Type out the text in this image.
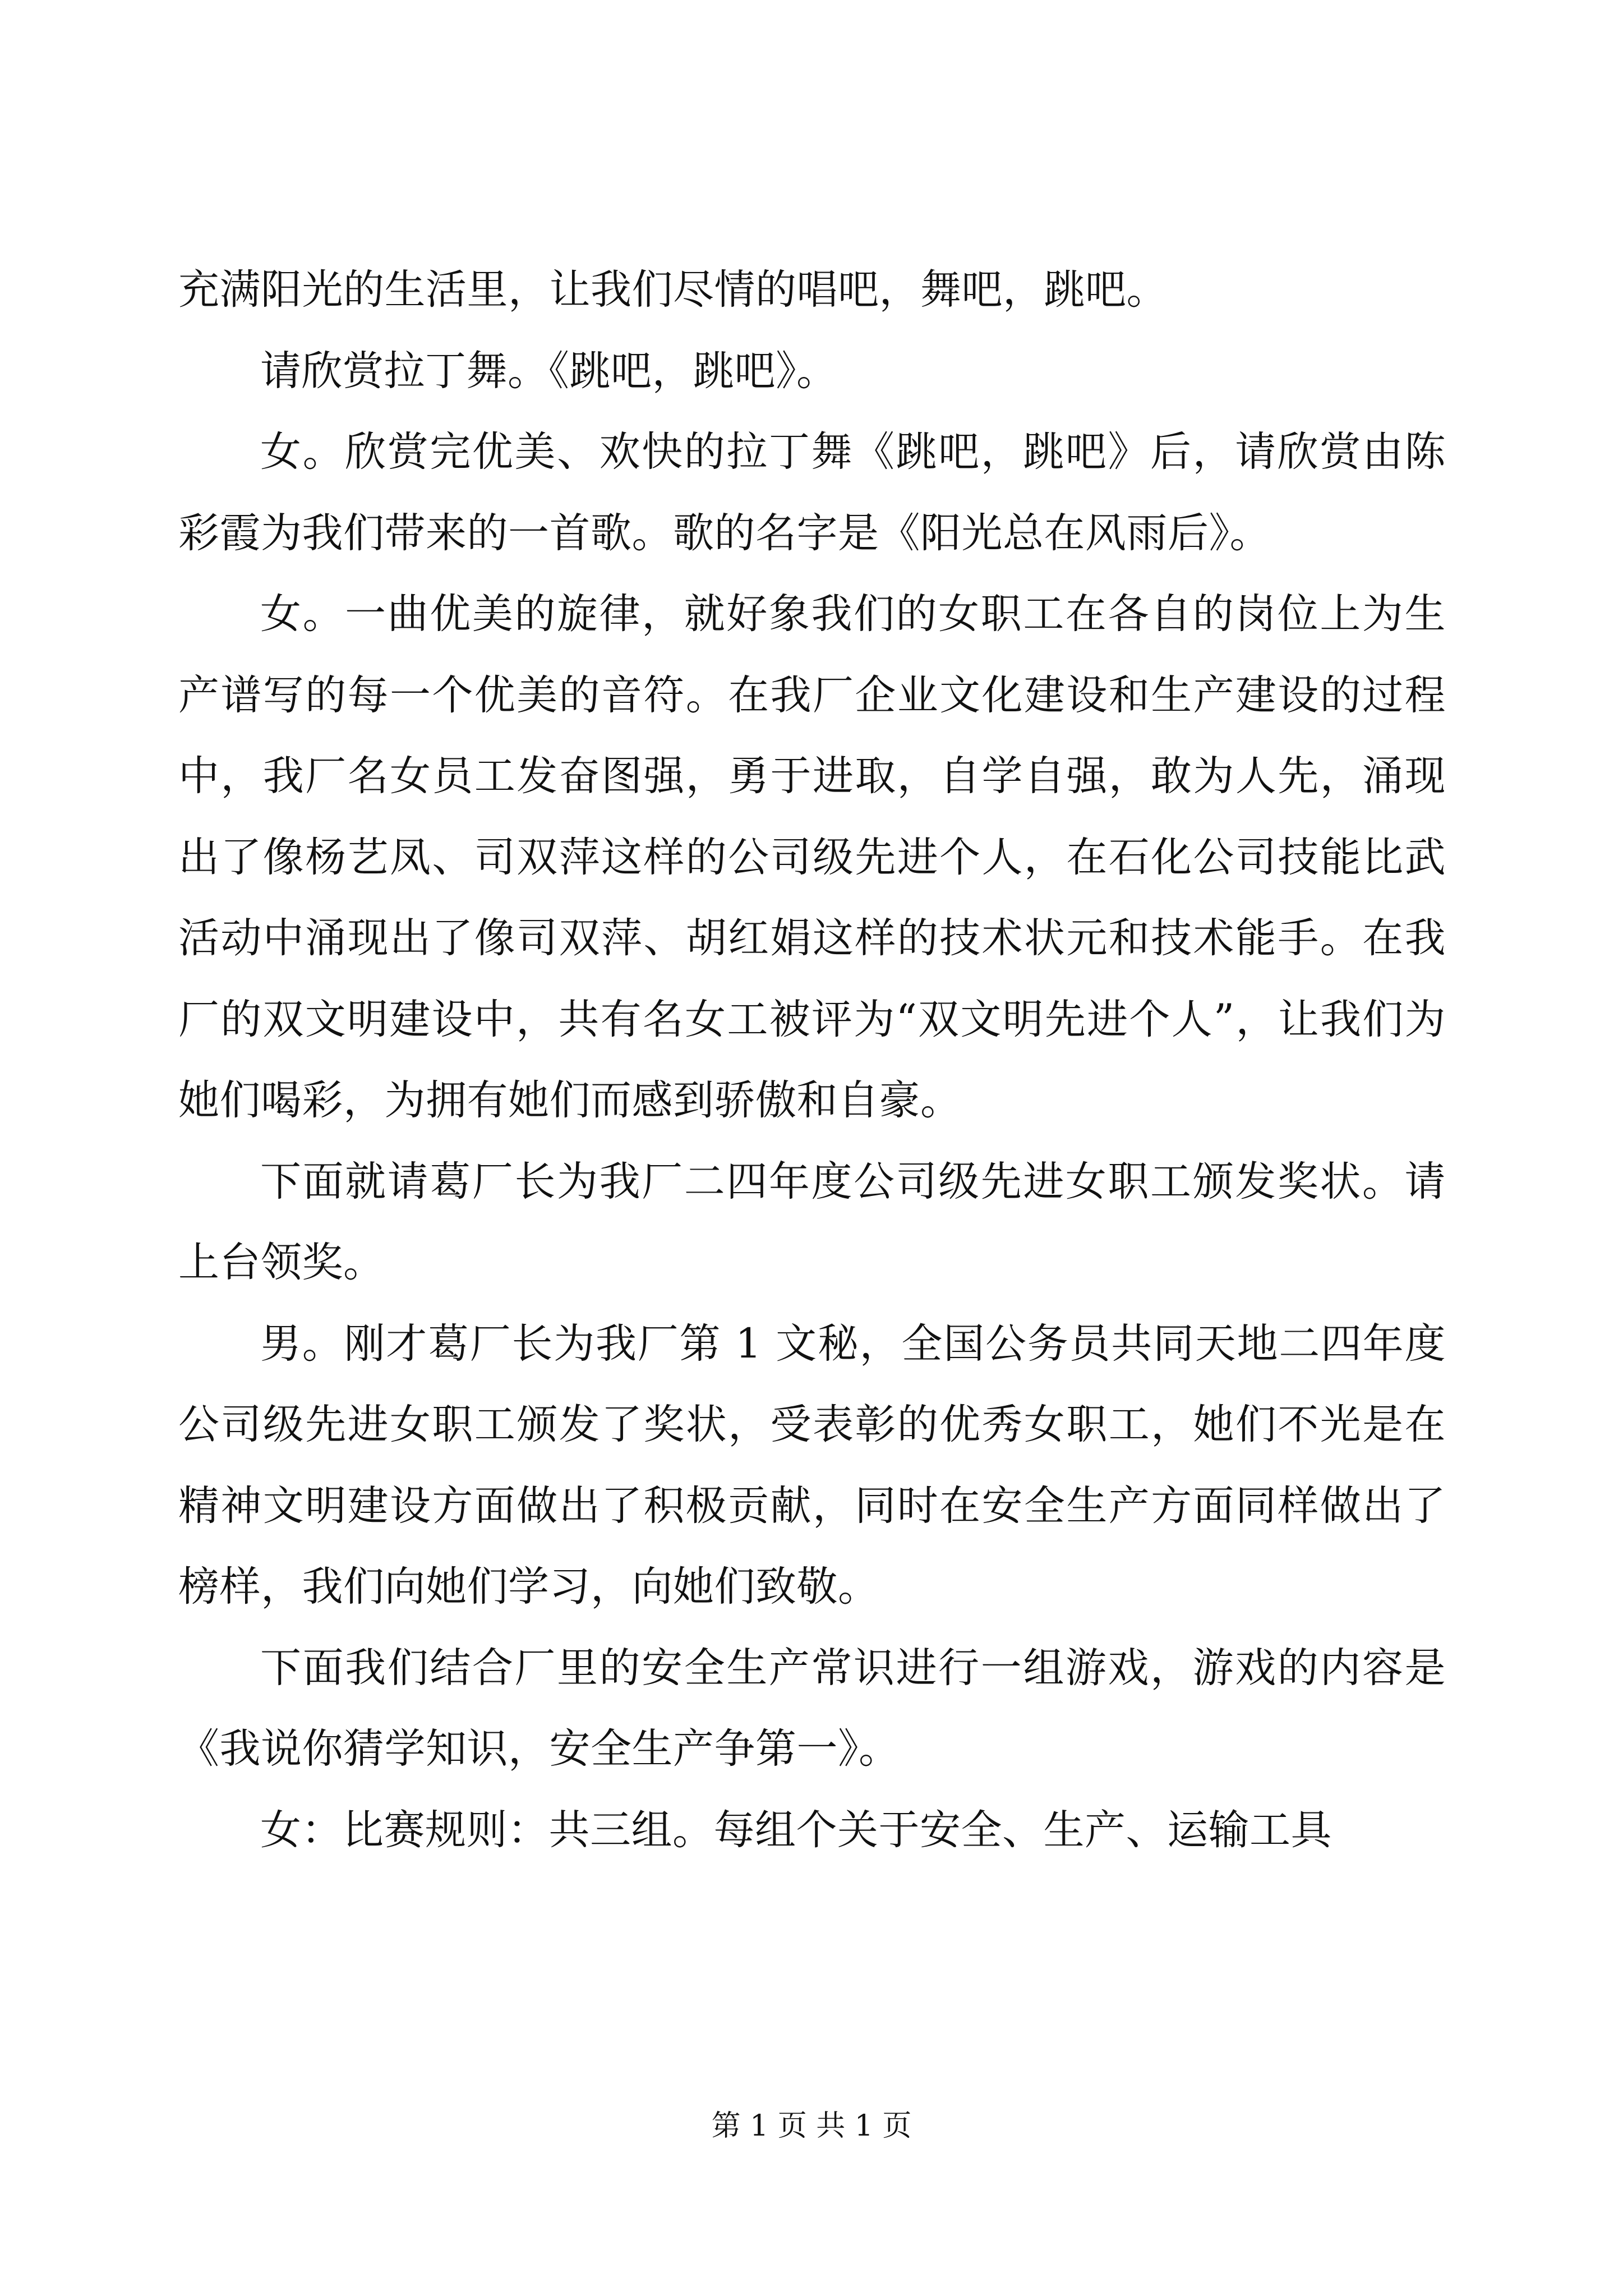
充满阳光的生活里，让我们尽情的唱吧，舞吧，跳吧。

请欣赏拉丁舞。《跳吧，跳吧》。

女。欣赏完优美、欢快的拉丁舞《跳吧，跳吧》后，请欣赏由陈彩霞为我们带来的一首歌。歌的名字是《阳光总在风雨后》。

女。一曲优美的旋律，就好象我们的女职工在各自的岗位上为生产谱写的每一个优美的音符。在我厂企业文化建设和生产建设的过程中，我厂名女员工发奋图强，勇于进取，自学自强，敢为人先，涌现出了像杨艺凤、司双萍这样的公司级先进个人，在石化公司技能比武活动中涌现出了像司双萍、胡红娟这样的技术状元和技术能手。在我厂的双文明建设中，共有名女工被评为“双文明先进个人”，让我们为她们喝彩，为拥有她们而感到骄傲和自豪。

下面就请葛厂长为我厂二四年度公司级先进女职工颁发奖状。请上台领奖。

男。刚才葛厂长为我厂第 1 文秘，全国公务员共同天地二四年度公司级先进女职工颁发了奖状，受表彰的优秀女职工，她们不光是在精神文明建设方面做出了积极贡献，同时在安全生产方面同样做出了榜样，我们向她们学习，向她们致敬。

下面我们结合厂里的安全生产常识进行一组游戏，游戏的内容是《我说你猜学知识，安全生产争第一》。

女：比赛规则：共三组。每组个关于安全、生产、运输工具

第 1 页 共 1 页
